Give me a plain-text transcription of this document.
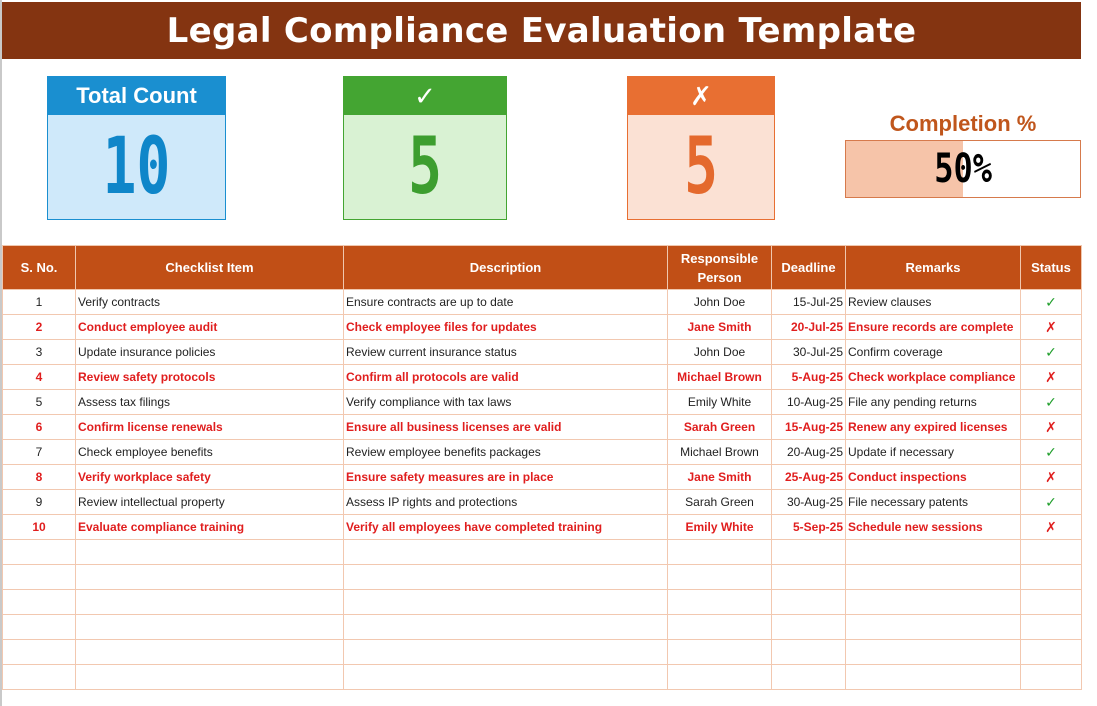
Legal Compliance Evaluation Template
Total Count
10
✓
5
✗
5	Completion %
50%
S. No.	Checklist Item	Description	Responsible Person	Deadline	Remarks	Status
1	Verify contracts	Ensure contracts are up to date	John Doe	15-Jul-25	Review clauses	✓
2	Conduct employee audit	Check employee files for updates	Jane Smith	20-Jul-25	Ensure records are complete	✗
3	Update insurance policies	Review current insurance status	John Doe	30-Jul-25	Confirm coverage	✓
4	Review safety protocols	Confirm all protocols are valid	Michael Brown	5-Aug-25	Check workplace compliance	✗
5	Assess tax filings	Verify compliance with tax laws	Emily White	10-Aug-25	File any pending returns	✓
6	Confirm license renewals	Ensure all business licenses are valid	Sarah Green	15-Aug-25	Renew any expired licenses	✗
7	Check employee benefits	Review employee benefits packages	Michael Brown	20-Aug-25	Update if necessary	✓
8	Verify workplace safety	Ensure safety measures are in place	Jane Smith	25-Aug-25	Conduct inspections	✗
9	Review intellectual property	Assess IP rights and protections	Sarah Green	30-Aug-25	File necessary patents	✓
10	Evaluate compliance training	Verify all employees have completed training	Emily White	5-Sep-25	Schedule new sessions	✗
